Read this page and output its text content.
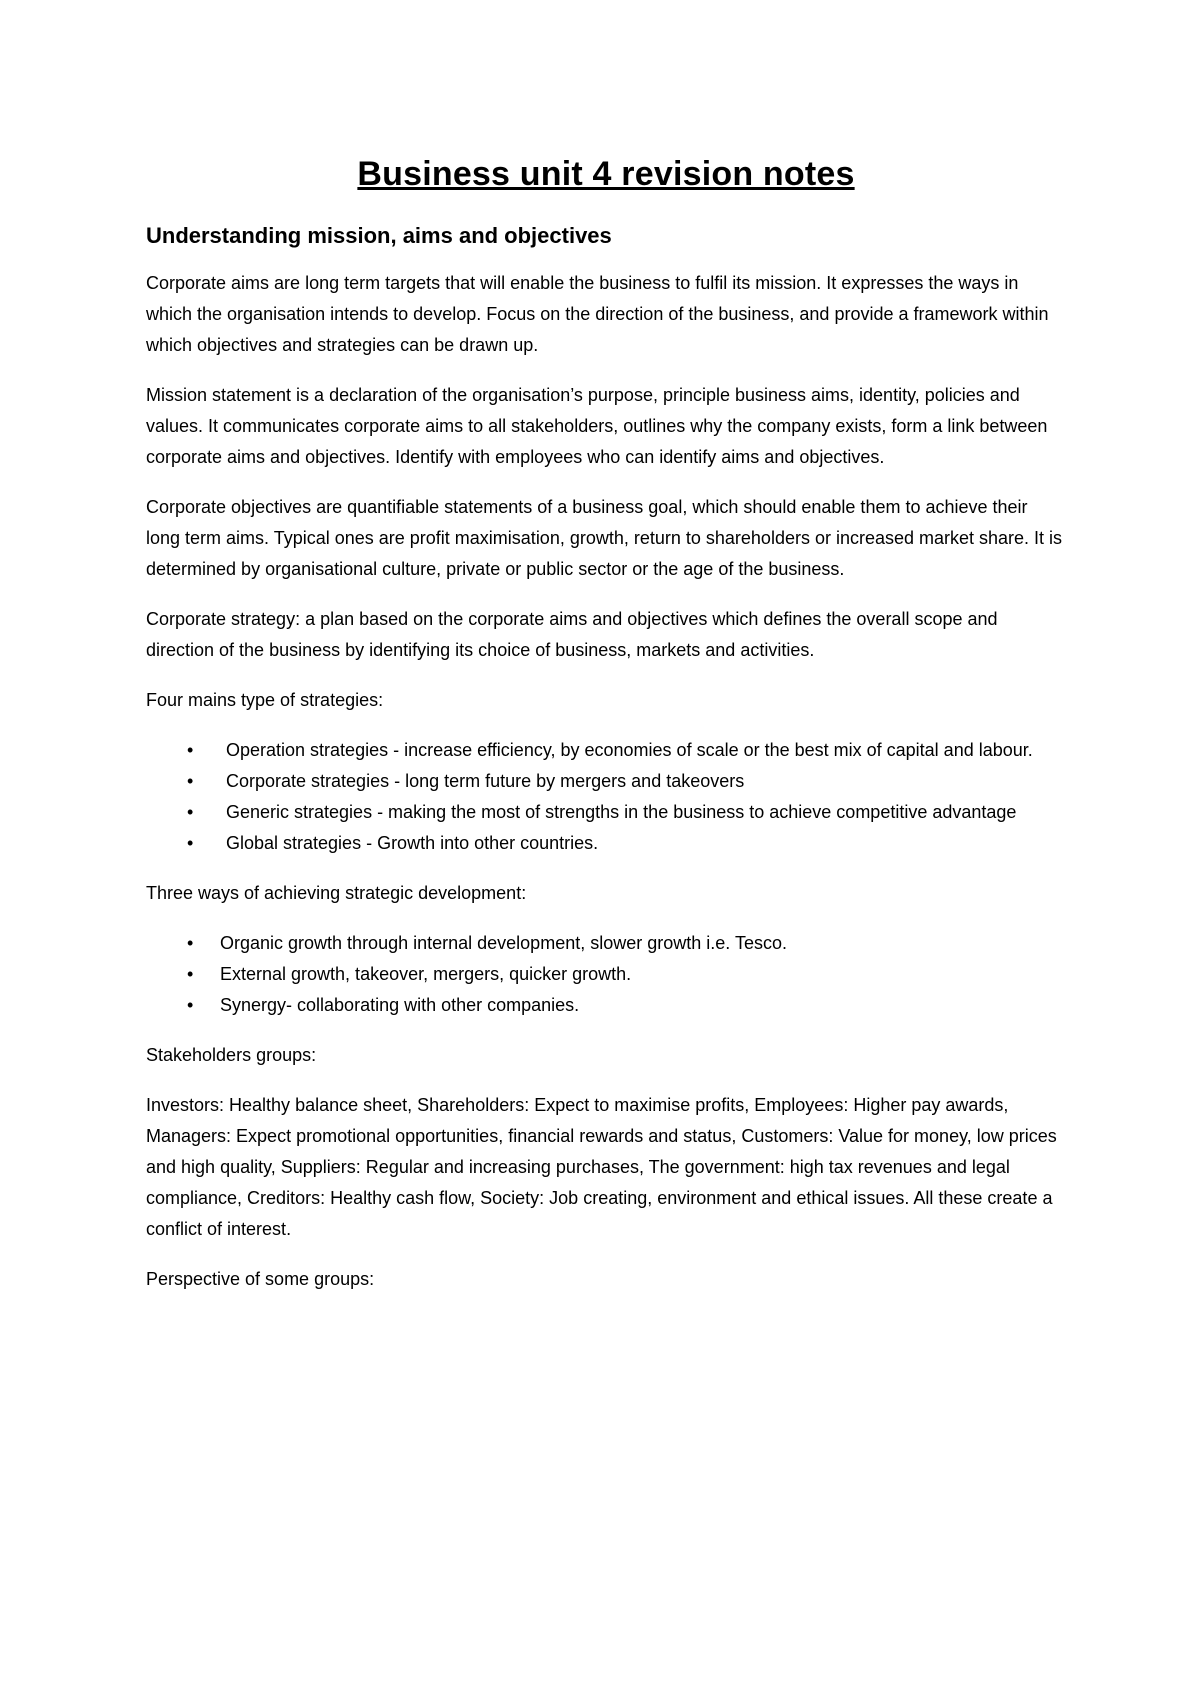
Business unit 4 revision notes
Understanding mission, aims and objectives

Corporate aims are long term targets that will enable the business to fulfil its mission. It expresses the ways in which the organisation intends to develop. Focus on the direction of the business, and provide a framework within which objectives and strategies can be drawn up.

Mission statement is a declaration of the organisation’s purpose, principle business aims, identity, policies and values. It communicates corporate aims to all stakeholders, outlines why the company exists, form a link between corporate aims and objectives. Identify with employees who can identify aims and objectives.

Corporate objectives are quantifiable statements of a business goal, which should enable them to achieve their long term aims. Typical ones are profit maximisation, growth, return to shareholders or increased market share. It is determined by organisational culture, private or public sector or the age of the business.

Corporate strategy: a plan based on the corporate aims and objectives which defines the overall scope and direction of the business by identifying its choice of business, markets and activities.

Four mains type of strategies:

• Operation strategies - increase efficiency, by economies of scale or the best mix of capital and labour.
• Corporate strategies - long term future by mergers and takeovers
• Generic strategies - making the most of strengths in the business to achieve competitive advantage
• Global strategies - Growth into other countries.

Three ways of achieving strategic development:

• Organic growth through internal development, slower growth i.e. Tesco.
• External growth, takeover, mergers, quicker growth.
• Synergy- collaborating with other companies.

Stakeholders groups:

Investors: Healthy balance sheet, Shareholders: Expect to maximise profits, Employees: Higher pay awards, Managers: Expect promotional opportunities, financial rewards and status, Customers: Value for money, low prices and high quality, Suppliers: Regular and increasing purchases, The government: high tax revenues and legal compliance, Creditors: Healthy cash flow, Society: Job creating, environment and ethical issues. All these create a conflict of interest.

Perspective of some groups:
